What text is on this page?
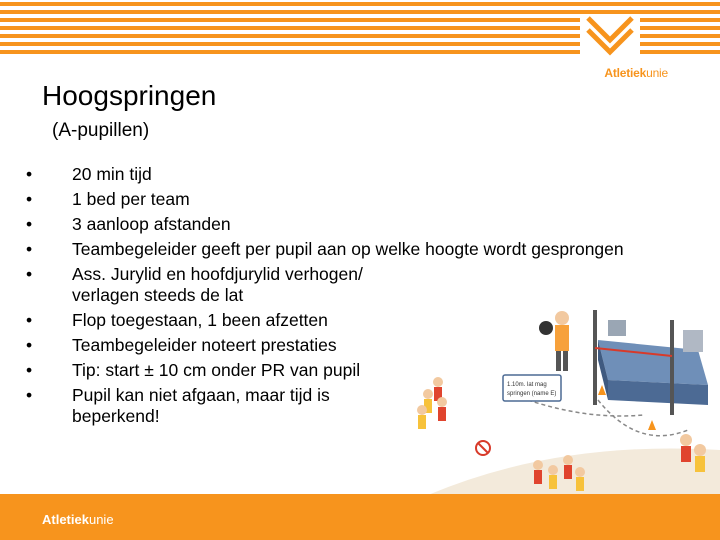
Atletiekunie
Hoogspringen
(A-pupillen)
• 20 min tijd
• 1 bed per team
• 3 aanloop afstanden
• Teambegeleider geeft per pupil aan op welke hoogte wordt gesprongen
• Ass. Jurylid en hoofdjurylid verhogen/ verlagen steeds de lat
• Flop toegestaan, 1 been afzetten
• Teambegeleider noteert prestaties
• Tip: start ± 10 cm onder PR van pupil
• Pupil kan niet afgaan, maar tijd is beperkend!
1.10m. lat mag
springen (name E)
Atletiekunie
